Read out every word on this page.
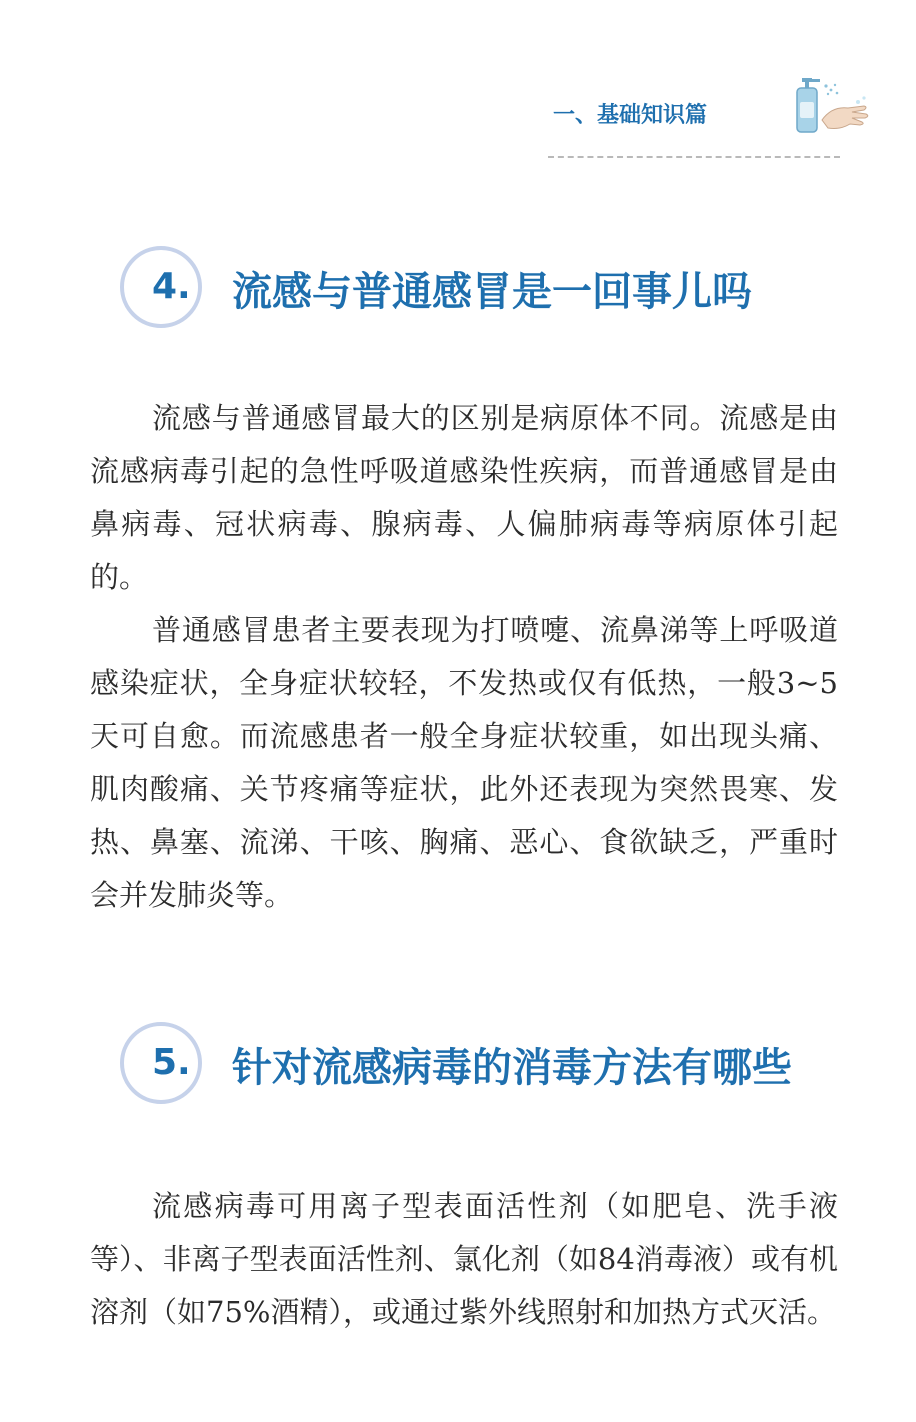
一、基础知识篇
4. 流感与普通感冒是一回事儿吗

流感与普通感冒最大的区别是病原体不同。流感是由流感病毒引起的急性呼吸道感染性疾病，而普通感冒是由鼻病毒、冠状病毒、腺病毒、人偏肺病毒等病原体引起的。

普通感冒患者主要表现为打喷嚏、流鼻涕等上呼吸道感染症状，全身症状较轻，不发热或仅有低热，一般3~5天可自愈。而流感患者一般全身症状较重，如出现头痛、肌肉酸痛、关节疼痛等症状，此外还表现为突然畏寒、发热、鼻塞、流涕、干咳、胸痛、恶心、食欲缺乏，严重时会并发肺炎等。

5. 针对流感病毒的消毒方法有哪些

流感病毒可用离子型表面活性剂（如肥皂、洗手液等）、非离子型表面活性剂、氯化剂（如84消毒液）或有机溶剂（如75%酒精），或通过紫外线照射和加热方式灭活。
